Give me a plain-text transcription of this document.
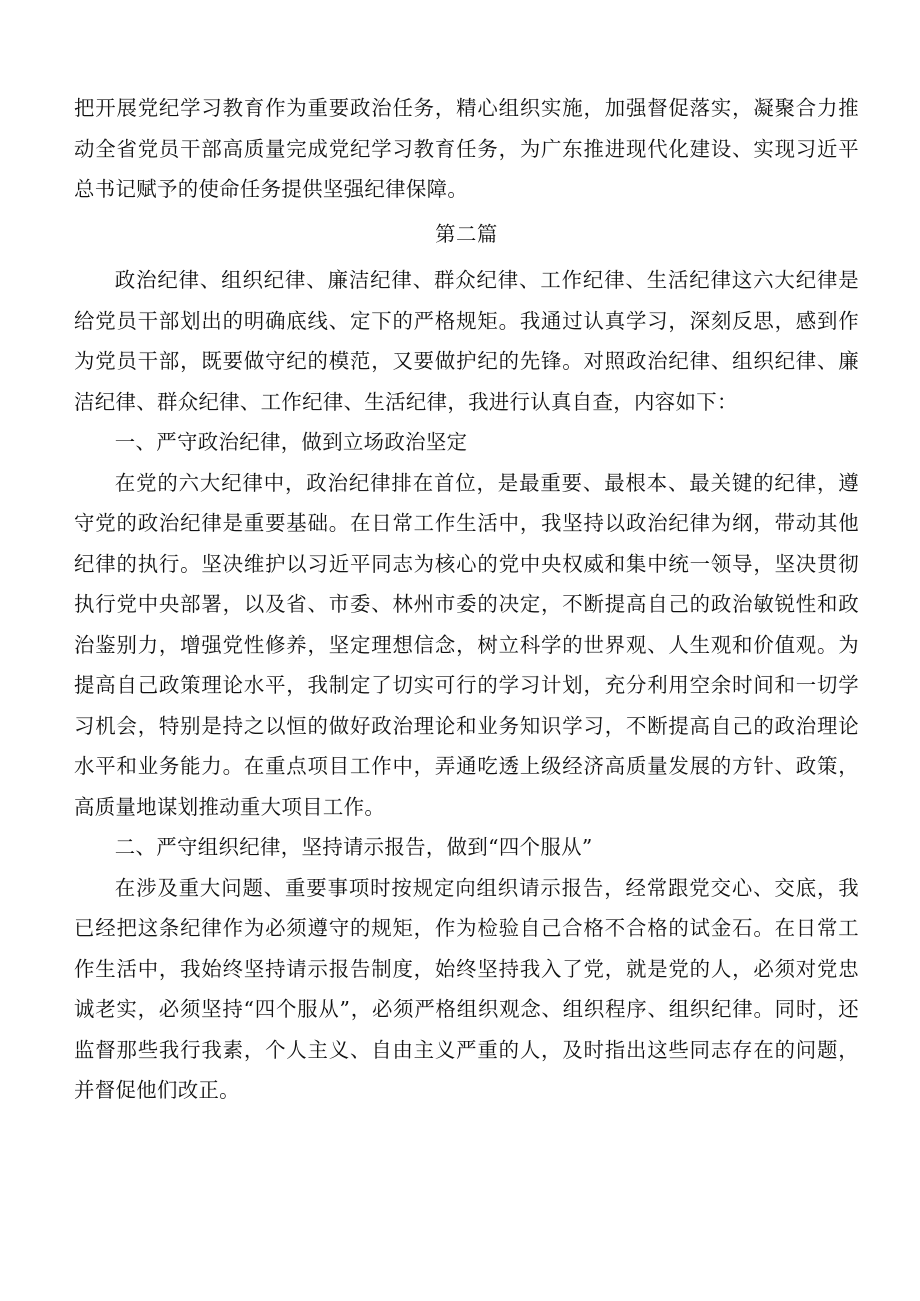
把开展党纪学习教育作为重要政治任务，精心组织实施，加强督促落实，凝聚合力推动全省党员干部高质量完成党纪学习教育任务，为广东推进现代化建设、实现习近平总书记赋予的使命任务提供坚强纪律保障。

第二篇

政治纪律、组织纪律、廉洁纪律、群众纪律、工作纪律、生活纪律这六大纪律是给党员干部划出的明确底线、定下的严格规矩。我通过认真学习，深刻反思，感到作为党员干部，既要做守纪的模范，又要做护纪的先锋。对照政治纪律、组织纪律、廉洁纪律、群众纪律、工作纪律、生活纪律，我进行认真自查，内容如下：

一、严守政治纪律，做到立场政治坚定

在党的六大纪律中，政治纪律排在首位，是最重要、最根本、最关键的纪律，遵守党的政治纪律是重要基础。在日常工作生活中，我坚持以政治纪律为纲，带动其他纪律的执行。坚决维护以习近平同志为核心的党中央权威和集中统一领导，坚决贯彻执行党中央部署，以及省、市委、林州市委的决定，不断提高自己的政治敏锐性和政治鉴别力，增强党性修养，坚定理想信念，树立科学的世界观、人生观和价值观。为提高自己政策理论水平，我制定了切实可行的学习计划，充分利用空余时间和一切学习机会，特别是持之以恒的做好政治理论和业务知识学习，不断提高自己的政治理论水平和业务能力。在重点项目工作中，弄通吃透上级经济高质量发展的方针、政策，高质量地谋划推动重大项目工作。

二、严守组织纪律，坚持请示报告，做到“四个服从”

在涉及重大问题、重要事项时按规定向组织请示报告，经常跟党交心、交底，我已经把这条纪律作为必须遵守的规矩，作为检验自己合格不合格的试金石。在日常工作生活中，我始终坚持请示报告制度，始终坚持我入了党，就是党的人，必须对党忠诚老实，必须坚持“四个服从”，必须严格组织观念、组织程序、组织纪律。同时，还监督那些我行我素，个人主义、自由主义严重的人，及时指出这些同志存在的问题，并督促他们改正。
